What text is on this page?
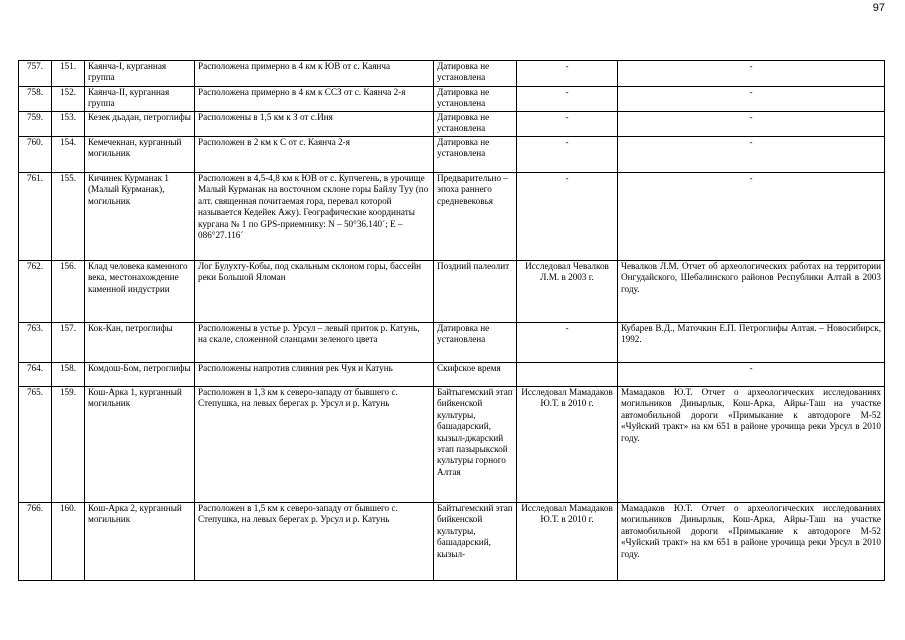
97
757.	151.	Каянча-I, курганная группа	Расположена примерно в 4 км к ЮВ от с. Каянча	Датировка не установлена	-	-
758.	152.	Каянча-II, курганная группа	Расположена примерно в 4 км к ССЗ от с. Каянча 2-я	Датировка не установлена	-	-
759.	153.	Кезек дьадан, петроглифы	Расположены в 1,5 км к З от с.Иня	Датировка не установлена	-	-
760.	154.	Кемечекнан, курганный могильник	Расположен в 2 км к С от с. Каянча 2-я	Датировка не установлена	-	-
761.	155.	Кичинек Курманак 1 (Малый Курманак), могильник	Расположен в 4,5-4,8 км к ЮВ от с. Купчегень, в урочище Малый Курманак на восточном склоне горы Байлу Туу (по алт. священная почитаемая гора, перевал которой называется Кедейек Ажу). Географические координаты кургана № 1 по GPS-приемнику: N – 50°36.140´; E – 086°27.116´	Предварительно – эпоха раннего средневековья	-	-
762.	156.	Клад человека каменного века, местонахождение каменной индустрии	Лог Булухту-Кобы, под скальным склоном горы, бассейн реки Большой Яломан	Поздний палеолит	Исследовал Чевалков Л.М. в 2003 г.	Чевалков Л.М. Отчет об археологических работах на территории Онгудайского, Шебалинского районов Республики Алтай в 2003 году.
763.	157.	Кок-Кан, петроглифы	Расположены в устье р. Урсул – левый приток р. Катунь, на скале, сложенной сланцами зеленого цвета	Датировка не установлена	-	Кубарев В.Д., Маточкин Е.П. Петроглифы Алтая. – Новосибирск, 1992.
764.	158.	Комдош-Бом, петроглифы	Расположены напротив слияния рек Чуя и Катунь	Скифское время		-
765.	159.	Кош-Арка 1, курганный могильник	Расположен в 1,3 км к северо-западу от бывшего с. Степушка, на левых берегах р. Урсул и р. Катунь	Байтыгемский этап бийкенской культуры, башадарский, кызыл-джарский этап пазырыкской культуры горного Алтая	Исследовал Мамадаков Ю.Т. в 2010 г.	Мамадаков Ю.Т. Отчет о археологических исследованиях могильников Динырлык, Кош-Арка, Айры-Таш на участке автомобильной дороги «Примыкание к автодороге М-52 «Чуйский тракт» на км 651 в районе урочища реки Урсул в 2010 году.
766.	160.	Кош-Арка 2, курганный могильник	Расположен в 1,5 км к северо-западу от бывшего с. Степушка, на левых берегах р. Урсул и р. Катунь	Байтыгемский этап бийкенской культуры, башадарский, кызыл-	Исследовал Мамадаков Ю.Т. в 2010 г.	Мамадаков Ю.Т. Отчет о археологических исследованиях могильников Динырлык, Кош-Арка, Айры-Таш на участке автомобильной дороги «Примыкание к автодороге М-52 «Чуйский тракт» на км 651 в районе урочища реки Урсул в 2010 году.
